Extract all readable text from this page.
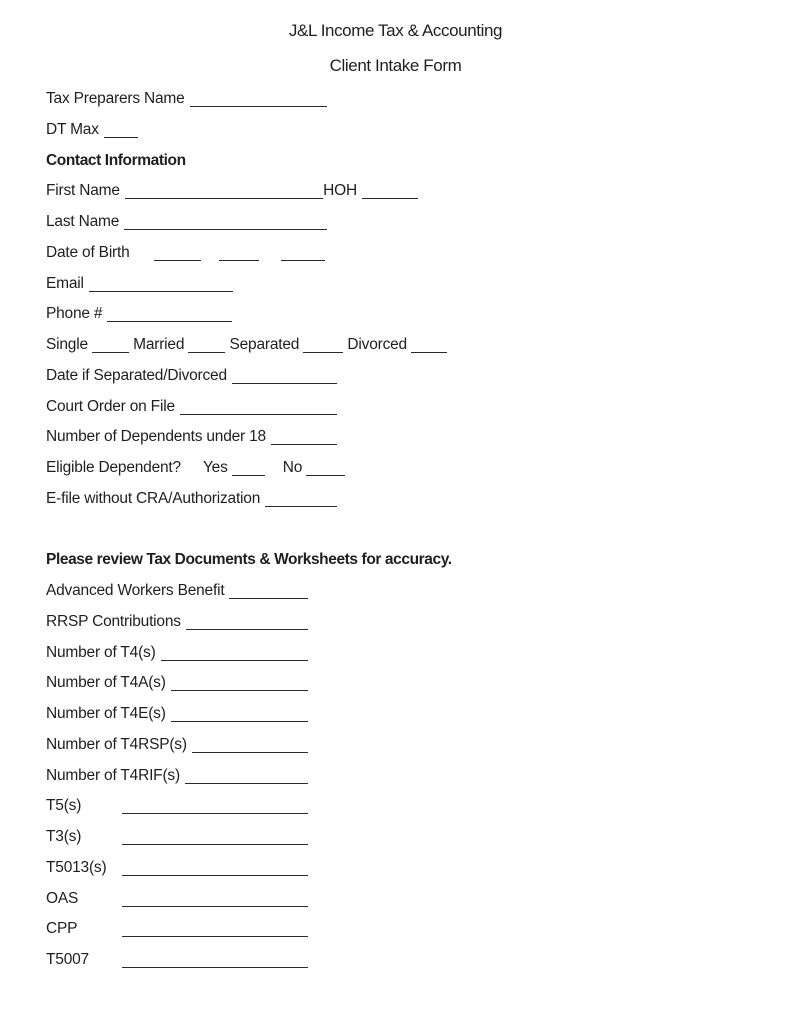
J&L Income Tax & Accounting
Client Intake Form
Tax Preparers Name
DT Max
Contact Information
First Name	HOH
Last Name
Date of Birth
Email
Phone #
Single	Married	Separated	Divorced
Date if Separated/Divorced
Court Order on File
Number of Dependents under 18
Eligible Dependent? Yes	No
E-file without CRA/Authorization
Please review Tax Documents & Worksheets for accuracy.
Advanced Workers Benefit
RRSP Contributions
Number of T4(s)
Number of T4A(s)
Number of T4E(s)
Number of T4RSP(s)
Number of T4RIF(s)
T5(s)
T3(s)
T5013(s)
OAS
CPP
T5007
